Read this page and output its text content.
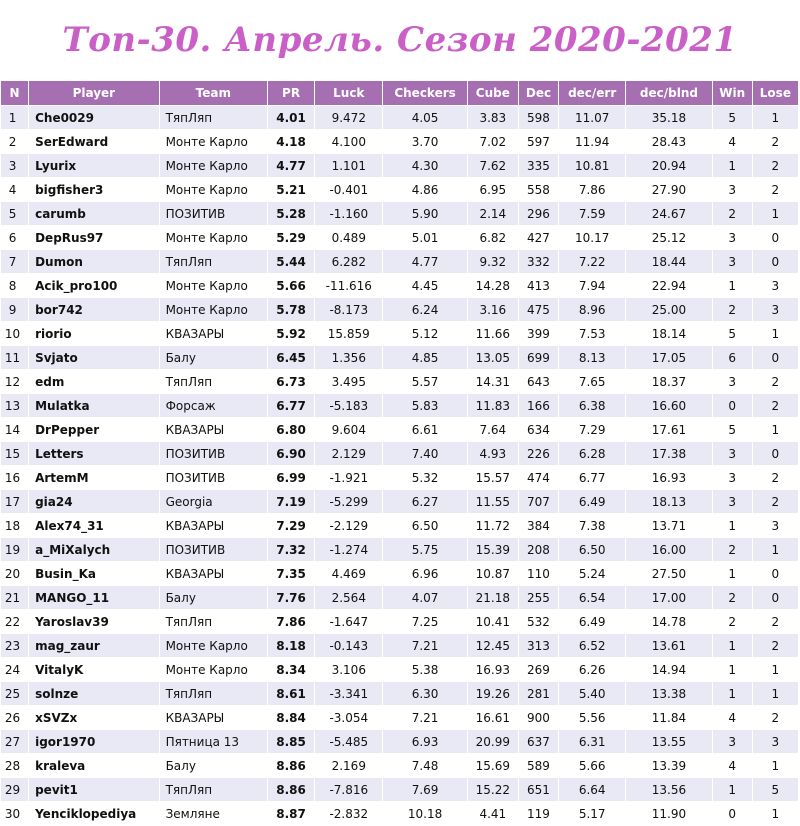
Топ-30. Апрель. Сезон 2020-2021
N	Player	Team	PR	Luck	Checkers	Cube	Dec	dec/err	dec/blnd	Win	Lose
1	Che0029	ТяпЛяп	4.01	9.472	4.05	3.83	598	11.07	35.18	5	1
2	SerEdward	Монте Карло	4.18	4.100	3.70	7.02	597	11.94	28.43	4	2
3	Lyurix	Монте Карло	4.77	1.101	4.30	7.62	335	10.81	20.94	1	2
4	bigfisher3	Монте Карло	5.21	-0.401	4.86	6.95	558	7.86	27.90	3	2
5	carumb	ПОЗИТИВ	5.28	-1.160	5.90	2.14	296	7.59	24.67	2	1
6	DepRus97	Монте Карло	5.29	0.489	5.01	6.82	427	10.17	25.12	3	0
7	Dumon	ТяпЛяп	5.44	6.282	4.77	9.32	332	7.22	18.44	3	0
8	Acik_pro100	Монте Карло	5.66	-11.616	4.45	14.28	413	7.94	22.94	1	3
9	bor742	Монте Карло	5.78	-8.173	6.24	3.16	475	8.96	25.00	2	3
10	riorio	КВАЗАРЫ	5.92	15.859	5.12	11.66	399	7.53	18.14	5	1
11	Svjato	Балу	6.45	1.356	4.85	13.05	699	8.13	17.05	6	0
12	edm	ТяпЛяп	6.73	3.495	5.57	14.31	643	7.65	18.37	3	2
13	Mulatka	Форсаж	6.77	-5.183	5.83	11.83	166	6.38	16.60	0	2
14	DrPepper	КВАЗАРЫ	6.80	9.604	6.61	7.64	634	7.29	17.61	5	1
15	Letters	ПОЗИТИВ	6.90	2.129	7.40	4.93	226	6.28	17.38	3	0
16	ArtemM	ПОЗИТИВ	6.99	-1.921	5.32	15.57	474	6.77	16.93	3	2
17	gia24	Georgia	7.19	-5.299	6.27	11.55	707	6.49	18.13	3	2
18	Alex74_31	КВАЗАРЫ	7.29	-2.129	6.50	11.72	384	7.38	13.71	1	3
19	a_MiXalych	ПОЗИТИВ	7.32	-1.274	5.75	15.39	208	6.50	16.00	2	1
20	Busin_Ka	КВАЗАРЫ	7.35	4.469	6.96	10.87	110	5.24	27.50	1	0
21	MANGO_11	Балу	7.76	2.564	4.07	21.18	255	6.54	17.00	2	0
22	Yaroslav39	ТяпЛяп	7.86	-1.647	7.25	10.41	532	6.49	14.78	2	2
23	mag_zaur	Монте Карло	8.18	-0.143	7.21	12.45	313	6.52	13.61	1	2
24	VitalyK	Монте Карло	8.34	3.106	5.38	16.93	269	6.26	14.94	1	1
25	solnze	ТяпЛяп	8.61	-3.341	6.30	19.26	281	5.40	13.38	1	1
26	xSVZx	КВАЗАРЫ	8.84	-3.054	7.21	16.61	900	5.56	11.84	4	2
27	igor1970	Пятница 13	8.85	-5.485	6.93	20.99	637	6.31	13.55	3	3
28	kraleva	Балу	8.86	2.169	7.48	15.69	589	5.66	13.39	4	1
29	pevit1	ТяпЛяп	8.86	-7.816	7.69	15.22	651	6.64	13.56	1	5
30	Yenciklopediya	Земляне	8.87	-2.832	10.18	4.41	119	5.17	11.90	0	1
